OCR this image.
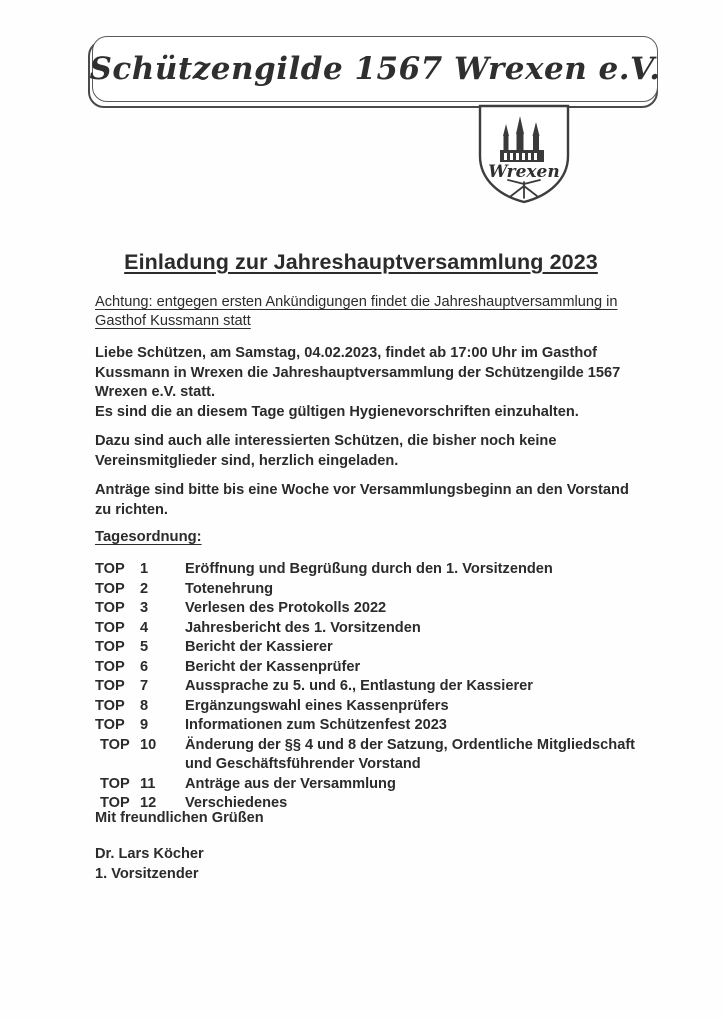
Schützengilde 1567 Wrexen e.V.
Wrexen
Einladung zur Jahreshauptversammlung 2023
Achtung: entgegen ersten Ankündigungen findet die Jahreshauptversammlung in Gasthof Kussmann statt
Liebe Schützen, am Samstag, 04.02.2023, findet ab 17:00 Uhr im Gasthof
Kussmann in Wrexen die Jahreshauptversammlung der Schützengilde 1567
Wrexen e.V. statt.
Es sind die an diesem Tage gültigen Hygienevorschriften einzuhalten.
Dazu sind auch alle interessierten Schützen, die bisher noch keine Vereinsmitglieder sind, herzlich eingeladen.
Anträge sind bitte bis eine Woche vor Versammlungsbeginn an den Vorstand zu richten.
Tagesordnung:
TOP	1	Eröffnung und Begrüßung durch den 1. Vorsitzenden
TOP	2	Totenehrung
TOP	3	Verlesen des Protokolls 2022
TOP	4	Jahresbericht des 1. Vorsitzenden
TOP	5	Bericht der Kassierer
TOP	6	Bericht der Kassenprüfer
TOP	7	Aussprache zu 5. und 6., Entlastung der Kassierer
TOP	8	Ergänzungswahl eines Kassenprüfers
TOP	9	Informationen zum Schützenfest 2023
TOP 10	Änderung der §§ 4 und 8 der Satzung, Ordentliche Mitgliedschaft
und Geschäftsführender Vorstand
TOP 11	Anträge aus der Versammlung
TOP 12	Verschiedenes
Mit freundlichen Grüßen
Dr. Lars Köcher
1. Vorsitzender
